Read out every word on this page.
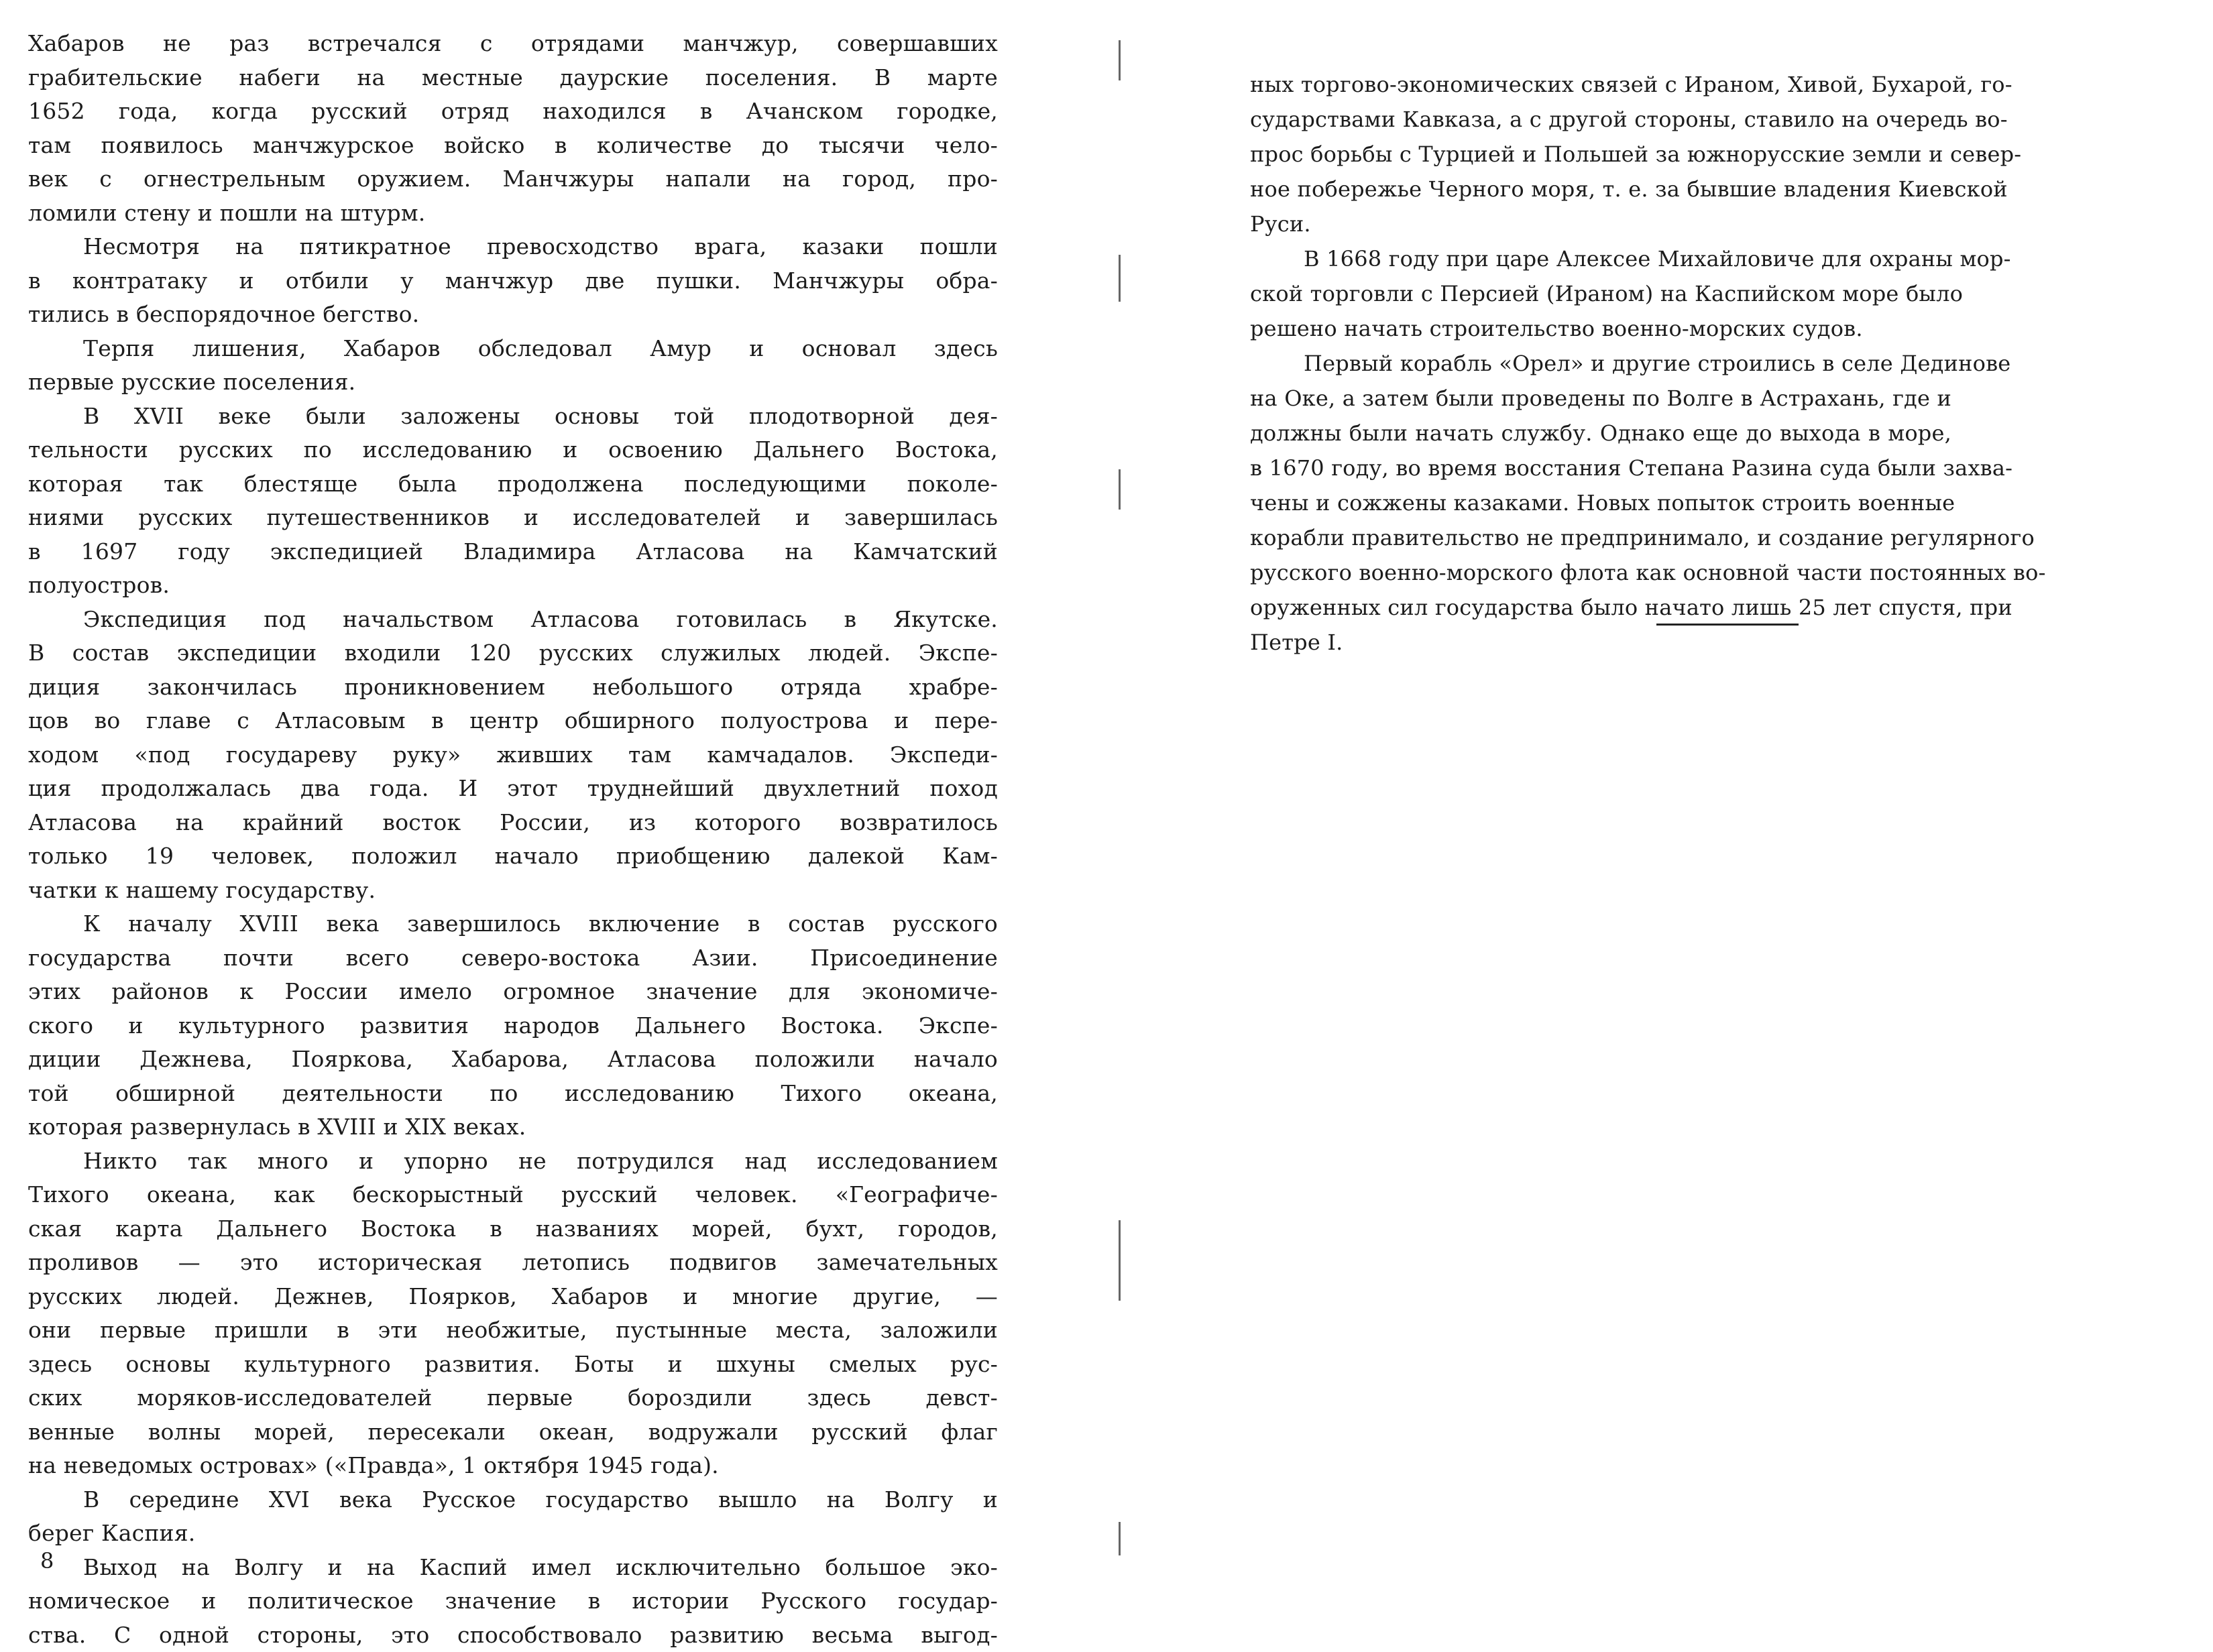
Хабаров не раз встречался с отрядами манчжур, совершавших
грабительские набеги на местные даурские поселения. В марте
1652 года, когда русский отряд находился в Ачанском городке,
там появилось манчжурское войско в количестве до тысячи чело-
век с огнестрельным оружием. Манчжуры напали на город, про-
ломили стену и пошли на штурм.
Несмотря на пятикратное превосходство врага, казаки пошли
в контратаку и отбили у манчжур две пушки. Манчжуры обра-
тились в беспорядочное бегство.
Терпя лишения, Хабаров обследовал Амур и основал здесь
первые русские поселения.
В XVII веке были заложены основы той плодотворной дея-
тельности русских по исследованию и освоению Дальнего Востока,
которая так блестяще была продолжена последующими поколе-
ниями русских путешественников и исследователей и завершилась
в 1697 году экспедицией Владимира Атласова на Камчатский
полуостров.
Экспедиция под начальством Атласова готовилась в Якутске.
В состав экспедиции входили 120 русских служилых людей. Экспе-
диция закончилась проникновением небольшого отряда храбре-
цов во главе с Атласовым в центр обширного полуострова и пере-
ходом «под государеву руку» живших там камчадалов. Экспеди-
ция продолжалась два года. И этот труднейший двухлетний поход
Атласова на крайний восток России, из которого возвратилось
только 19 человек, положил начало приобщению далекой Кам-
чатки к нашему государству.
К началу XVIII века завершилось включение в состав русского
государства почти всего северо-востока Азии. Присоединение
этих районов к России имело огромное значение для экономиче-
ского и культурного развития народов Дальнего Востока. Экспе-
диции Дежнева, Пояркова, Хабарова, Атласова положили начало
той обширной деятельности по исследованию Тихого океана,
которая развернулась в XVIII и XIX веках.
Никто так много и упорно не потрудился над исследованием
Тихого океана, как бескорыстный русский человек. «Географиче-
ская карта Дальнего Востока в названиях морей, бухт, городов,
проливов — это историческая летопись подвигов замечательных
русских людей. Дежнев, Поярков, Хабаров и многие другие, —
они первые пришли в эти необжитые, пустынные места, заложили
здесь основы культурного развития. Боты и шхуны смелых рус-
ских моряков-исследователей первые бороздили здесь девст-
венные волны морей, пересекали океан, водружали русский флаг
на неведомых островах» («Правда», 1 октября 1945 года).
В середине XVI века Русское государство вышло на Волгу и
берег Каспия.
Выход на Волгу и на Каспий имел исключительно большое эко-
номическое и политическое значение в истории Русского государ-
ства. С одной стороны, это способствовало развитию весьма выгод-
8
ных торгово-экономических связей с Ираном, Хивой, Бухарой, го-
сударствами Кавказа, а с другой стороны, ставило на очередь во-
прос борьбы с Турцией и Польшей за южнорусские земли и север-
ное побережье Черного моря, т. е. за бывшие владения Киевской
Руси.
В 1668 году при царе Алексее Михайловиче для охраны мор-
ской торговли с Персией (Ираном) на Каспийском море было
решено начать строительство военно-морских судов.
Первый корабль «Орел» и другие строились в селе Дединове
на Оке, а затем были проведены по Волге в Астрахань, где и
должны были начать службу. Однако еще до выхода в море,
в 1670 году, во время восстания Степана Разина суда были захва-
чены и сожжены казаками. Новых попыток строить военные
корабли правительство не предпринимало, и создание регулярного
русского военно-морского флота как основной части постоянных во-
оруженных сил государства было начато лишь 25 лет спустя, при
Петре I.
